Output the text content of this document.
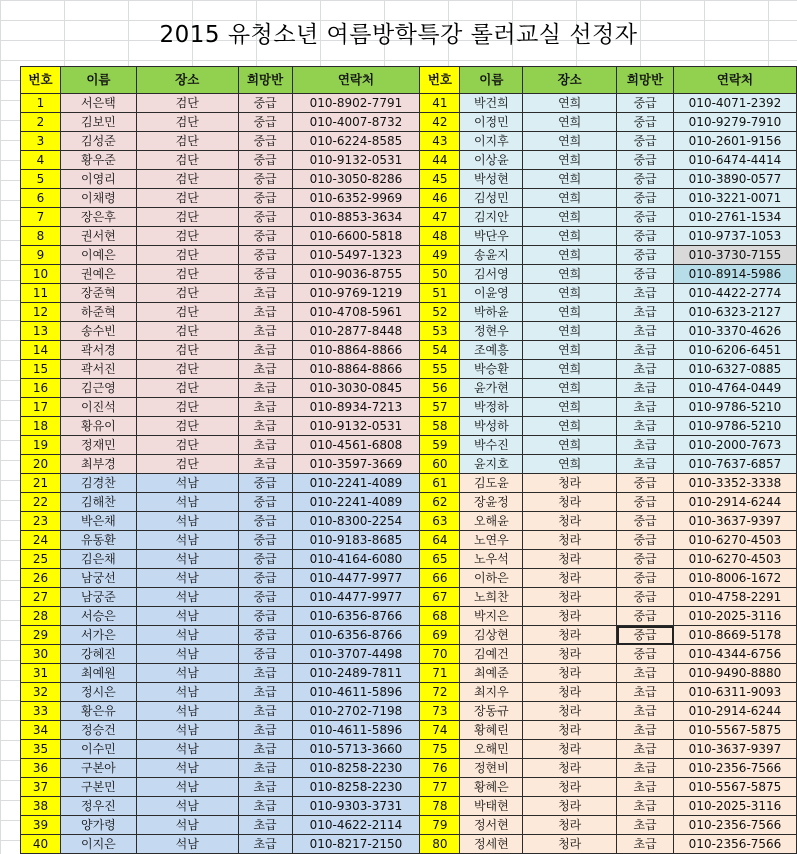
2015 유청소년 여름방학특강 롤러교실 선정자
번호	이름	장소	희망반	연락처	번호	이름	장소	희망반	연락처
1	서은택	검단	중급	010-8902-7791	41	박건희	연희	중급	010-4071-2392
2	김보민	검단	중급	010-4007-8732	42	이정민	연희	중급	010-9279-7910
3	김성준	검단	중급	010-6224-8585	43	이지후	연희	중급	010-2601-9156
4	황우준	검단	중급	010-9132-0531	44	이상윤	연희	중급	010-6474-4414
5	이영리	검단	중급	010-3050-8286	45	박성현	연희	중급	010-3890-0577
6	이채령	검단	중급	010-6352-9969	46	김성민	연희	중급	010-3221-0071
7	장은후	검단	중급	010-8853-3634	47	김지안	연희	중급	010-2761-1534
8	권서현	검단	중급	010-6600-5818	48	박단우	연희	중급	010-9737-1053
9	이예은	검단	중급	010-5497-1323	49	송윤지	연희	중급	010-3730-7155
10	권예은	검단	중급	010-9036-8755	50	김서영	연희	중급	010-8914-5986
11	장준혁	검단	초급	010-9769-1219	51	이윤영	연희	초급	010-4422-2774
12	하준혁	검단	초급	010-4708-5961	52	박하윤	연희	초급	010-6323-2127
13	송수빈	검단	초급	010-2877-8448	53	정현우	연희	초급	010-3370-4626
14	곽서경	검단	초급	010-8864-8866	54	조예흥	연희	초급	010-6206-6451
15	곽서진	검단	초급	010-8864-8866	55	박승환	연희	초급	010-6327-0885
16	김근영	검단	초급	010-3030-0845	56	윤가현	연희	초급	010-4764-0449
17	이진석	검단	초급	010-8934-7213	57	박정하	연희	초급	010-9786-5210
18	황유이	검단	초급	010-9132-0531	58	박성하	연희	초급	010-9786-5210
19	정재민	검단	초급	010-4561-6808	59	박수진	연희	초급	010-2000-7673
20	최부경	검단	초급	010-3597-3669	60	윤지호	연희	초급	010-7637-6857
21	김경찬	석남	중급	010-2241-4089	61	김도윤	청라	중급	010-3352-3338
22	김해찬	석남	중급	010-2241-4089	62	장윤정	청라	중급	010-2914-6244
23	박은채	석남	중급	010-8300-2254	63	오해윤	청라	중급	010-3637-9397
24	유동환	석남	중급	010-9183-8685	64	노연우	청라	중급	010-6270-4503
25	김은채	석남	중급	010-4164-6080	65	노우석	청라	중급	010-6270-4503
26	남궁선	석남	중급	010-4477-9977	66	이하은	청라	중급	010-8006-1672
27	남궁준	석남	중급	010-4477-9977	67	노희찬	청라	중급	010-4758-2291
28	서승은	석남	중급	010-6356-8766	68	박지은	청라	중급	010-2025-3116
29	서가은	석남	중급	010-6356-8766	69	김상현	청라	중급	010-8669-5178
30	강혜진	석남	중급	010-3707-4498	70	김예건	청라	중급	010-4344-6756
31	최예원	석남	초급	010-2489-7811	71	최예준	청라	초급	010-9490-8880
32	정시은	석남	초급	010-4611-5896	72	최지우	청라	초급	010-6311-9093
33	황은유	석남	초급	010-2702-7198	73	장동규	청라	초급	010-2914-6244
34	정승건	석남	초급	010-4611-5896	74	황혜린	청라	초급	010-5567-5875
35	이수민	석남	초급	010-5713-3660	75	오해민	청라	초급	010-3637-9397
36	구본아	석남	초급	010-8258-2230	76	정현비	청라	초급	010-2356-7566
37	구본민	석남	초급	010-8258-2230	77	황혜은	청라	초급	010-5567-5875
38	정우진	석남	초급	010-9303-3731	78	박태현	청라	초급	010-2025-3116
39	양가령	석남	초급	010-4622-2114	79	정서현	청라	초급	010-2356-7566
40	이지은	석남	초급	010-8217-2150	80	정세현	청라	초급	010-2356-7566
